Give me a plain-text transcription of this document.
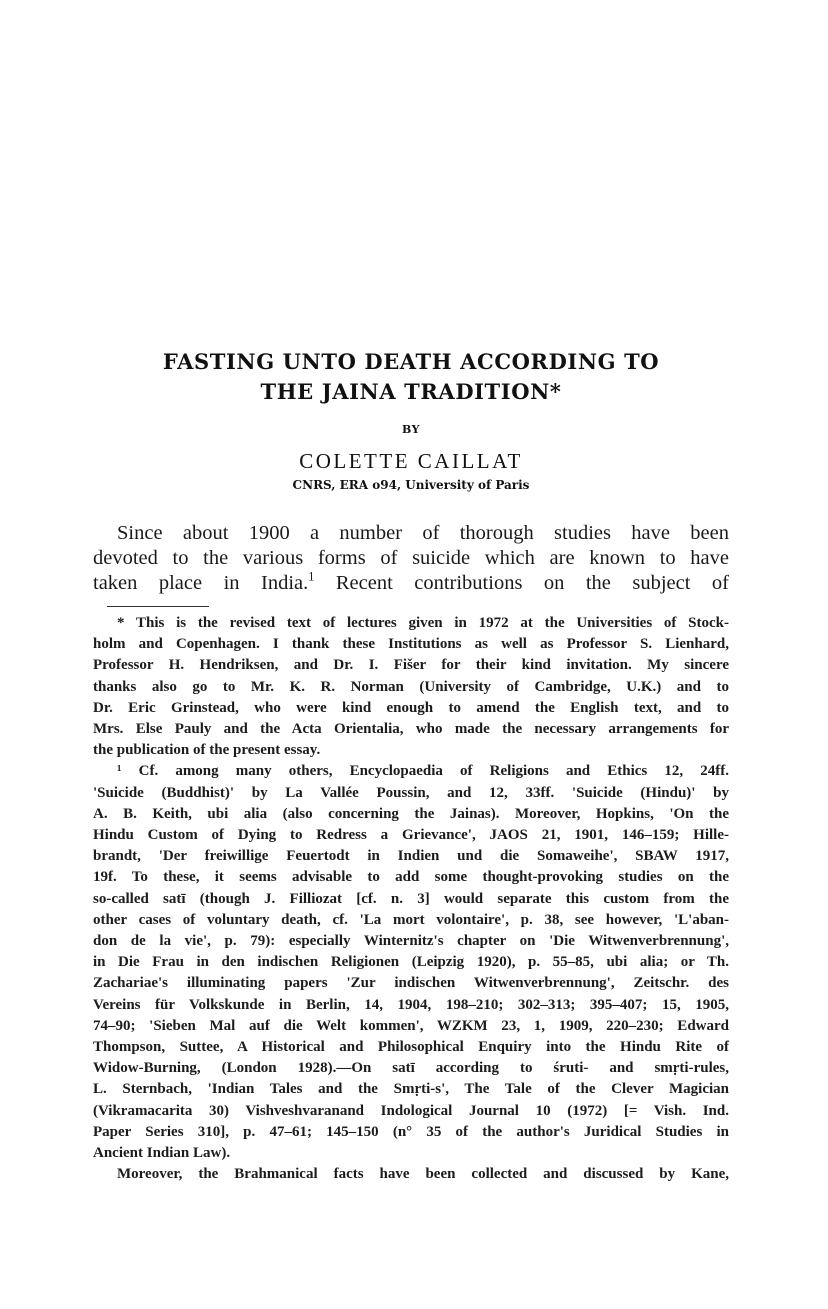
FASTING UNTO DEATH ACCORDING TO
THE JAINA TRADITION*
BY
COLETTE CAILLAT
CNRS, ERA o94, University of Paris
Since about 1900 a number of thorough studies have been
devoted to the various forms of suicide which are known to have
taken place in India.$^1$ Recent contributions on the subject of
* This is the revised text of lectures given in 1972 at the Universities of Stock-
holm and Copenhagen. I thank these Institutions as well as Professor S. Lienhard,
Professor H. Hendriksen, and Dr. I. Fišer for their kind invitation. My sincere
thanks also go to Mr. K. R. Norman (University of Cambridge, U.K.) and to
Dr. Eric Grinstead, who were kind enough to amend the English text, and to
Mrs. Else Pauly and the Acta Orientalia, who made the necessary arrangements for
the publication of the present essay.
¹ Cf. among many others, Encyclopaedia of Religions and Ethics 12, 24ff.
'Suicide (Buddhist)' by La Vallée Poussin, and 12, 33ff. 'Suicide (Hindu)' by
A. B. Keith, ubi alia (also concerning the Jainas). Moreover, Hopkins, 'On the
Hindu Custom of Dying to Redress a Grievance', JAOS 21, 1901, 146–159; Hille-
brandt, 'Der freiwillige Feuertodt in Indien und die Somaweihe', SBAW 1917,
19f. To these, it seems advisable to add some thought-provoking studies on the
so-called satī (though J. Filliozat [cf. n. 3] would separate this custom from the
other cases of voluntary death, cf. 'La mort volontaire', p. 38, see however, 'L'aban-
don de la vie', p. 79): especially Winternitz's chapter on 'Die Witwenverbrennung',
in Die Frau in den indischen Religionen (Leipzig 1920), p. 55–85, ubi alia; or Th.
Zachariae's illuminating papers 'Zur indischen Witwenverbrennung', Zeitschr. des
Vereins für Volkskunde in Berlin, 14, 1904, 198–210; 302–313; 395–407; 15, 1905,
74–90; 'Sieben Mal auf die Welt kommen', WZKM 23, 1, 1909, 220–230; Edward
Thompson, Suttee, A Historical and Philosophical Enquiry into the Hindu Rite of
Widow-Burning, (London 1928).—On satī according to śruti- and smṛti-rules,
L. Sternbach, 'Indian Tales and the Smṛti-s', The Tale of the Clever Magician
(Vikramacarita 30) Vishveshvaranand Indological Journal 10 (1972) [= Vish. Ind.
Paper Series 310], p. 47–61; 145–150 (n° 35 of the author's Juridical Studies in
Ancient Indian Law).
Moreover, the Brahmanical facts have been collected and discussed by Kane,
